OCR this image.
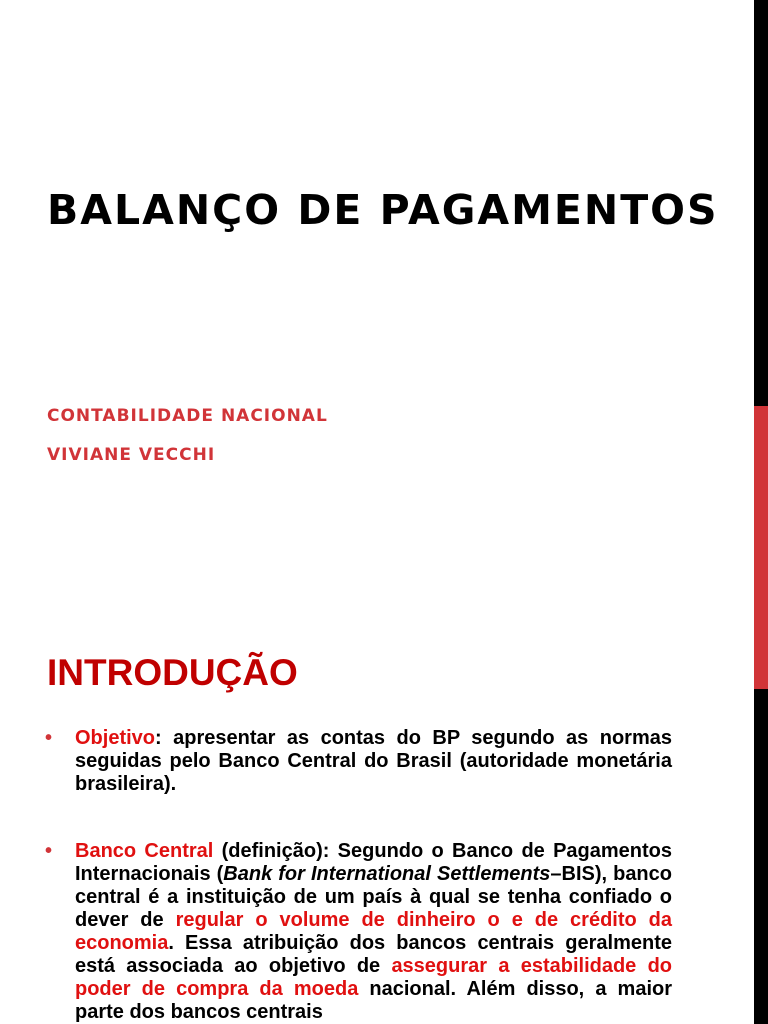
BALANÇO DE PAGAMENTOS

CONTABILIDADE NACIONAL

VIVIANE VECCHI

INTRODUÇÃO
• Objetivo: apresentar as contas do BP segundo as normas seguidas pelo Banco Central do Brasil (autoridade monetária brasileira).
• Banco Central (definição): Segundo o Banco de Pagamentos Internacionais (Bank for International Settlements–BIS), banco central é a instituição de um país à qual se tenha confiado o dever de regular o volume de dinheiro o e de crédito da economia. Essa atribuição dos bancos centrais geralmente está associada ao objetivo de assegurar a estabilidade do poder de compra da moeda nacional. Além disso, a maior parte dos bancos centrais
